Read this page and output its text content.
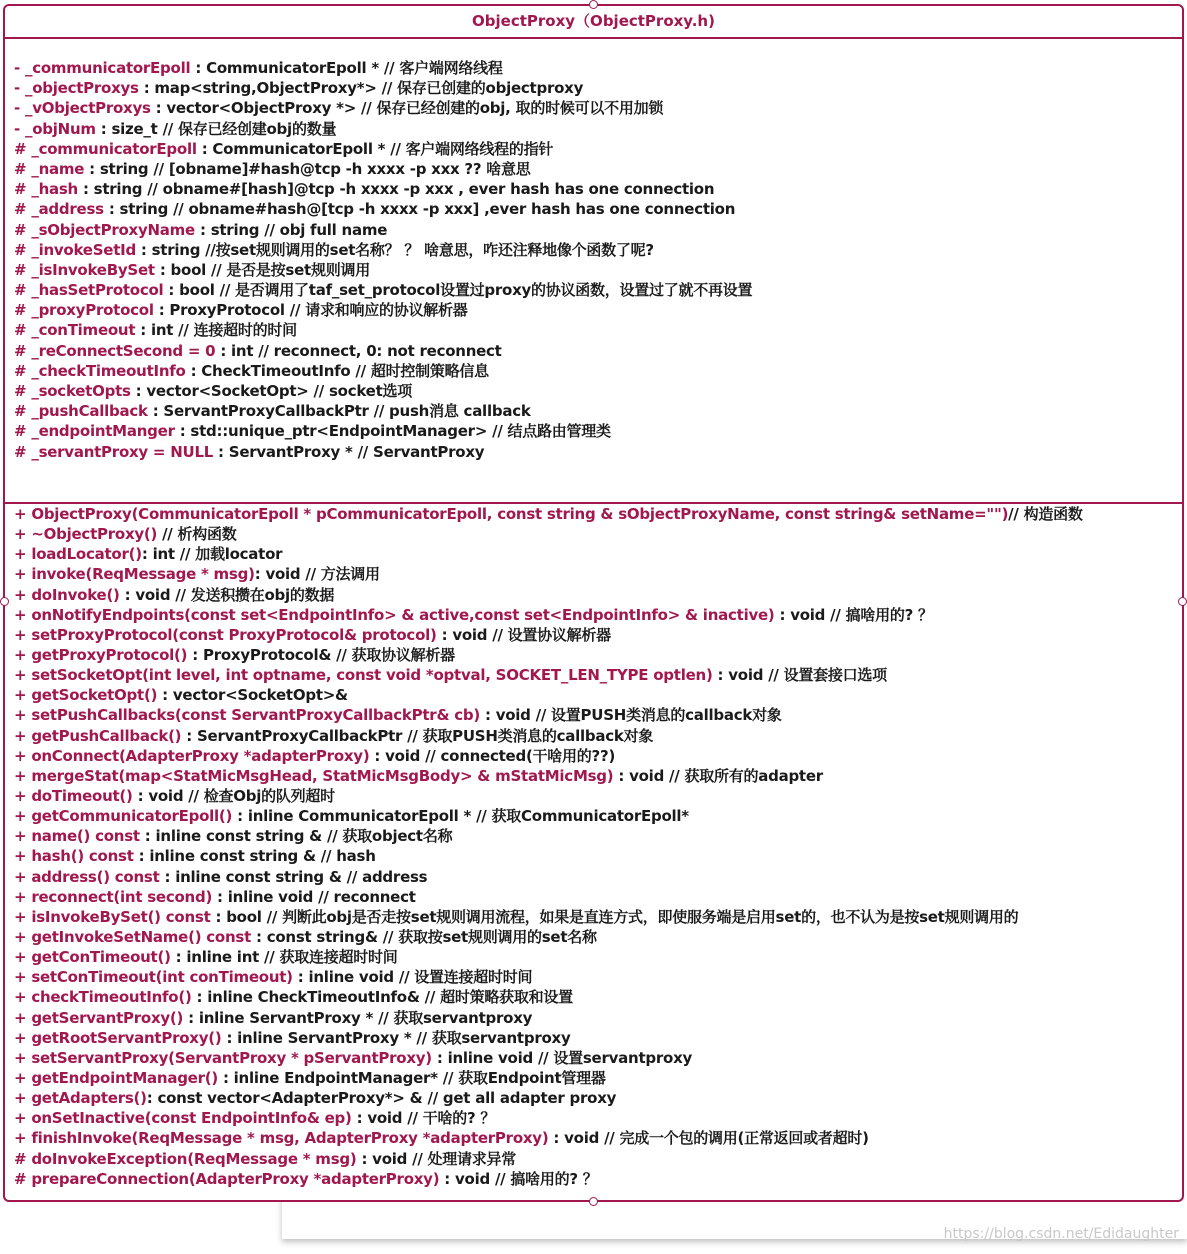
ObjectProxy（ObjectProxy.h)
- _communicatorEpoll : CommunicatorEpoll * // 客户端网络线程
- _objectProxys : map<string,ObjectProxy*> // 保存已创建的objectproxy
- _vObjectProxys : vector<ObjectProxy *> // 保存已经创建的obj, 取的时候可以不用加锁
- _objNum : size_t // 保存已经创建obj的数量
# _communicatorEpoll : CommunicatorEpoll * // 客户端网络线程的指针
# _name : string // [obname]#hash@tcp -h xxxx -p xxx ?? 啥意思
# _hash : string // obname#[hash]@tcp -h xxxx -p xxx , ever hash has one connection
# _address : string // obname#hash@[tcp -h xxxx -p xxx] ,ever hash has one connection
# _sObjectProxyName : string // obj full name
# _invokeSetId : string //按set规则调用的set名称？ ？ 啥意思，咋还注释地像个函数了呢?
# _isInvokeBySet : bool // 是否是按set规则调用
# _hasSetProtocol : bool // 是否调用了taf_set_protocol设置过proxy的协议函数，设置过了就不再设置
# _proxyProtocol : ProxyProtocol // 请求和响应的协议解析器
# _conTimeout : int // 连接超时的时间
# _reConnectSecond = 0 : int // reconnect, 0: not reconnect
# _checkTimeoutInfo : CheckTimeoutInfo // 超时控制策略信息
# _socketOpts : vector<SocketOpt> // socket选项
# _pushCallback : ServantProxyCallbackPtr // push消息 callback
# _endpointManger : std::unique_ptr<EndpointManager> // 结点路由管理类
# _servantProxy = NULL : ServantProxy * // ServantProxy
+ ObjectProxy(CommunicatorEpoll * pCommunicatorEpoll, const string & sObjectProxyName, const string& setName="")// 构造函数
+ ~ObjectProxy() // 析构函数
+ loadLocator(): int // 加载locator
+ invoke(ReqMessage * msg): void // 方法调用
+ doInvoke() : void // 发送积攒在obj的数据
+ onNotifyEndpoints(const set<EndpointInfo> & active,const set<EndpointInfo> & inactive) : void // 搞啥用的? ？
+ setProxyProtocol(const ProxyProtocol& protocol) : void // 设置协议解析器
+ getProxyProtocol() : ProxyProtocol& // 获取协议解析器
+ setSocketOpt(int level, int optname, const void *optval, SOCKET_LEN_TYPE optlen) : void // 设置套接口选项
+ getSocketOpt() : vector<SocketOpt>&
+ setPushCallbacks(const ServantProxyCallbackPtr& cb) : void // 设置PUSH类消息的callback对象
+ getPushCallback() : ServantProxyCallbackPtr // 获取PUSH类消息的callback对象
+ onConnect(AdapterProxy *adapterProxy) : void // connected(干啥用的??)
+ mergeStat(map<StatMicMsgHead, StatMicMsgBody> & mStatMicMsg) : void // 获取所有的adapter
+ doTimeout() : void // 检查Obj的队列超时
+ getCommunicatorEpoll() : inline CommunicatorEpoll * // 获取CommunicatorEpoll*
+ name() const : inline const string & // 获取object名称
+ hash() const : inline const string & // hash
+ address() const : inline const string & // address
+ reconnect(int second) : inline void // reconnect
+ isInvokeBySet() const : bool // 判断此obj是否走按set规则调用流程，如果是直连方式，即使服务端是启用set的，也不认为是按set规则调用的
+ getInvokeSetName() const : const string& // 获取按set规则调用的set名称
+ getConTimeout() : inline int // 获取连接超时时间
+ setConTimeout(int conTimeout) : inline void // 设置连接超时时间
+ checkTimeoutInfo() : inline CheckTimeoutInfo& // 超时策略获取和设置
+ getServantProxy() : inline ServantProxy * // 获取servantproxy
+ getRootServantProxy() : inline ServantProxy * // 获取servantproxy
+ setServantProxy(ServantProxy * pServantProxy) : inline void // 设置servantproxy
+ getEndpointManager() : inline EndpointManager* // 获取Endpoint管理器
+ getAdapters(): const vector<AdapterProxy*> & // get all adapter proxy
+ onSetInactive(const EndpointInfo& ep) : void // 干啥的? ？
+ finishInvoke(ReqMessage * msg, AdapterProxy *adapterProxy) : void // 完成一个包的调用(正常返回或者超时)
# doInvokeException(ReqMessage * msg) : void // 处理请求异常
# prepareConnection(AdapterProxy *adapterProxy) : void // 搞啥用的? ？
https://blog.csdn.net/Edidaughter
